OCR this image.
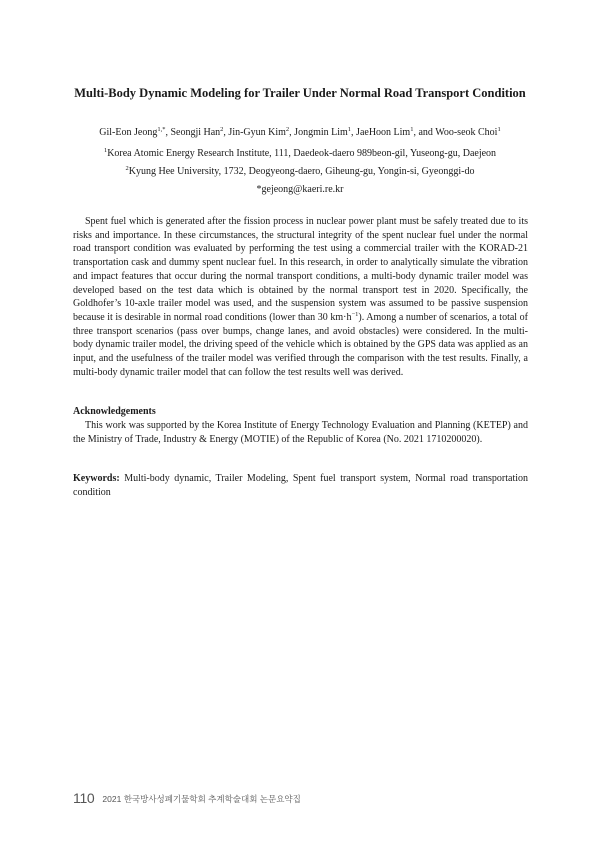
Multi-Body Dynamic Modeling for Trailer Under Normal Road Transport Condition
Gil-Eon Jeong$^{1,*}$, Seongji Han$^2$, Jin-Gyun Kim$^2$, Jongmin Lim$^1$, JaeHoon Lim$^1$, and Woo-seok Choi$^1$
$^1$Korea Atomic Energy Research Institute, 111, Daedeok-daero 989beon-gil, Yuseong-gu, Daejeon
$^2$Kyung Hee University, 1732, Deogyeong-daero, Giheung-gu, Yongin-si, Gyeonggi-do
*gejeong@kaeri.re.kr

Spent fuel which is generated after the fission process in nuclear power plant must be safely treated due to its risks and importance. In these circumstances, the structural integrity of the spent nuclear fuel under the normal road transport condition was evaluated by performing the test using a commercial trailer with the KORAD-21 transportation cask and dummy spent nuclear fuel. In this research, in order to analytically simulate the vibration and impact features that occur during the normal transport conditions, a multi-body dynamic trailer model was developed based on the test data which is obtained by the normal transport test in 2020. Specifically, the Goldhofer’s 10-axle trailer model was used, and the suspension system was assumed to be passive suspension because it is desirable in normal road conditions (lower than 30 $km\cdot h^{-1}$). Among a number of scenarios, a total of three transport scenarios (pass over bumps, change lanes, and avoid obstacles) were considered. In the multi-body dynamic trailer model, the driving speed of the vehicle which is obtained by the GPS data was applied as an input, and the usefulness of the trailer model was verified through the comparison with the test results. Finally, a multi-body dynamic trailer model that can follow the test results well was derived.

Acknowledgements

This work was supported by the Korea Institute of Energy Technology Evaluation and Planning (KETEP) and the Ministry of Trade, Industry & Energy (MOTIE) of the Republic of Korea (No. 2021 1710200020).

Keywords: Multi-body dynamic, Trailer Modeling, Spent fuel transport system, Normal road transportation condition
110 2021 한국방사성폐기물학회 추계학술대회 논문요약집
